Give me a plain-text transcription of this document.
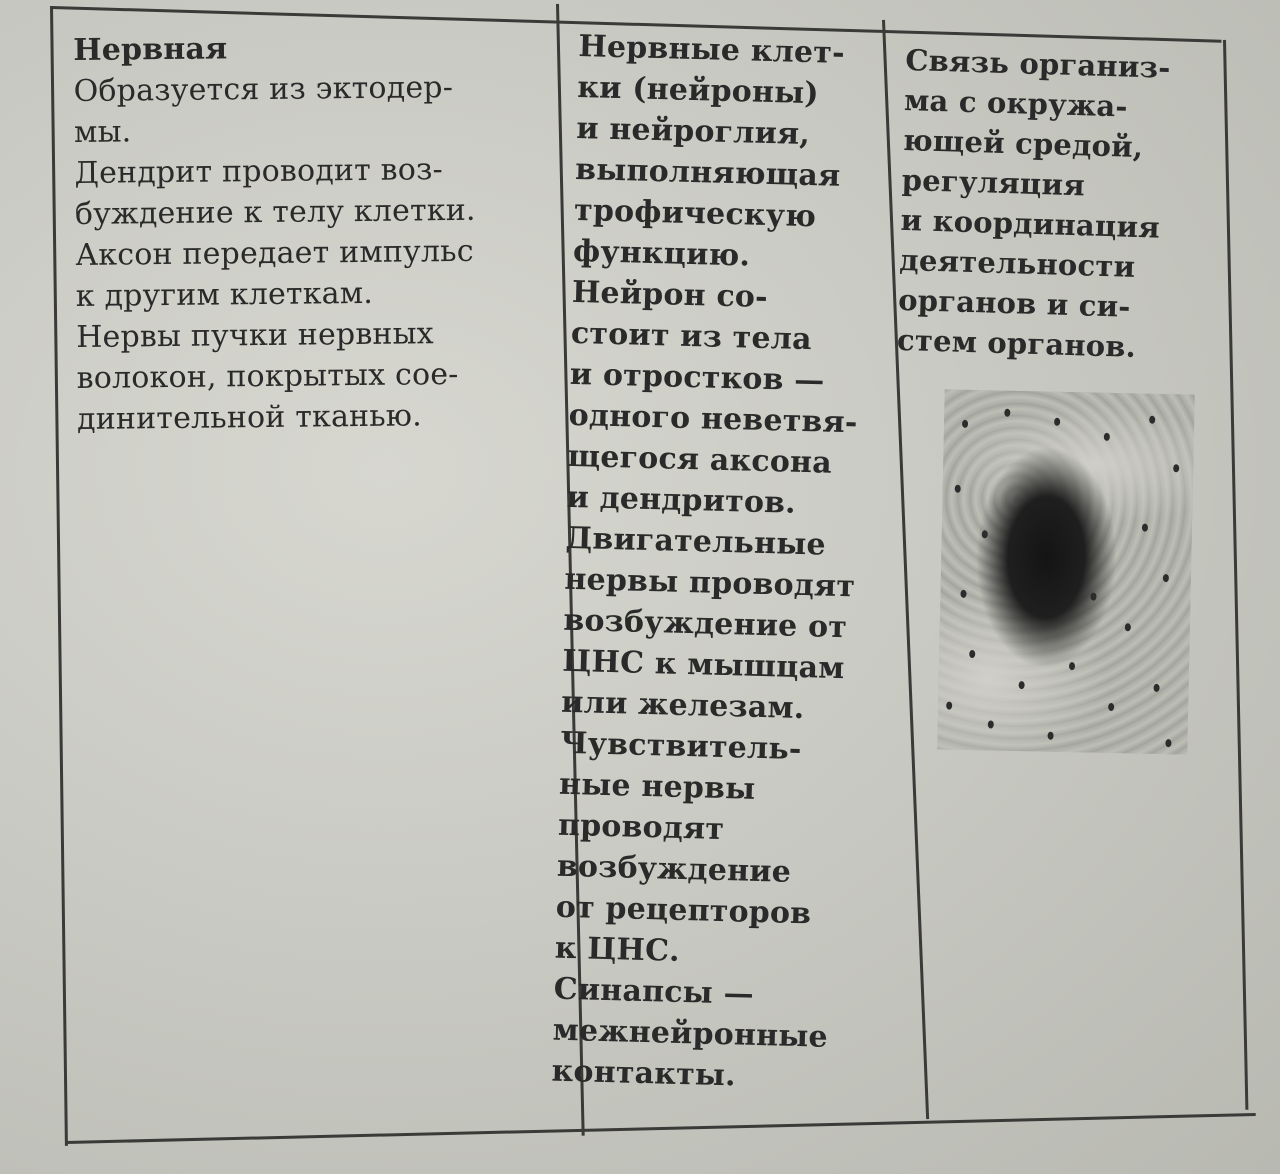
Нервная

Образуется из эктодер-

мы.

Дендрит проводит воз-

буждение к телу клетки.

Аксон передает импульс

к другим клеткам.

Нервы пучки нервных

волокон, покрытых сое-

динительной тканью.

Нервные клет-

ки (нейроны)

и нейроглия,

выполняющая

трофическую

функцию.

Нейрон со-

стоит из тела

и отростков —

одного неветвя-

щегося аксона

и дендритов.

Двигательные

нервы проводят

возбуждение от

ЦНС к мышцам

или железам.

Чувствитель-

ные нервы

проводят

возбуждение

от рецепторов

к ЦНС.

Синапсы —

межнейронные

контакты.

Связь организ-

ма с окружа-

ющей средой,

регуляция

и координация

деятельности

органов и си-

стем органов.
